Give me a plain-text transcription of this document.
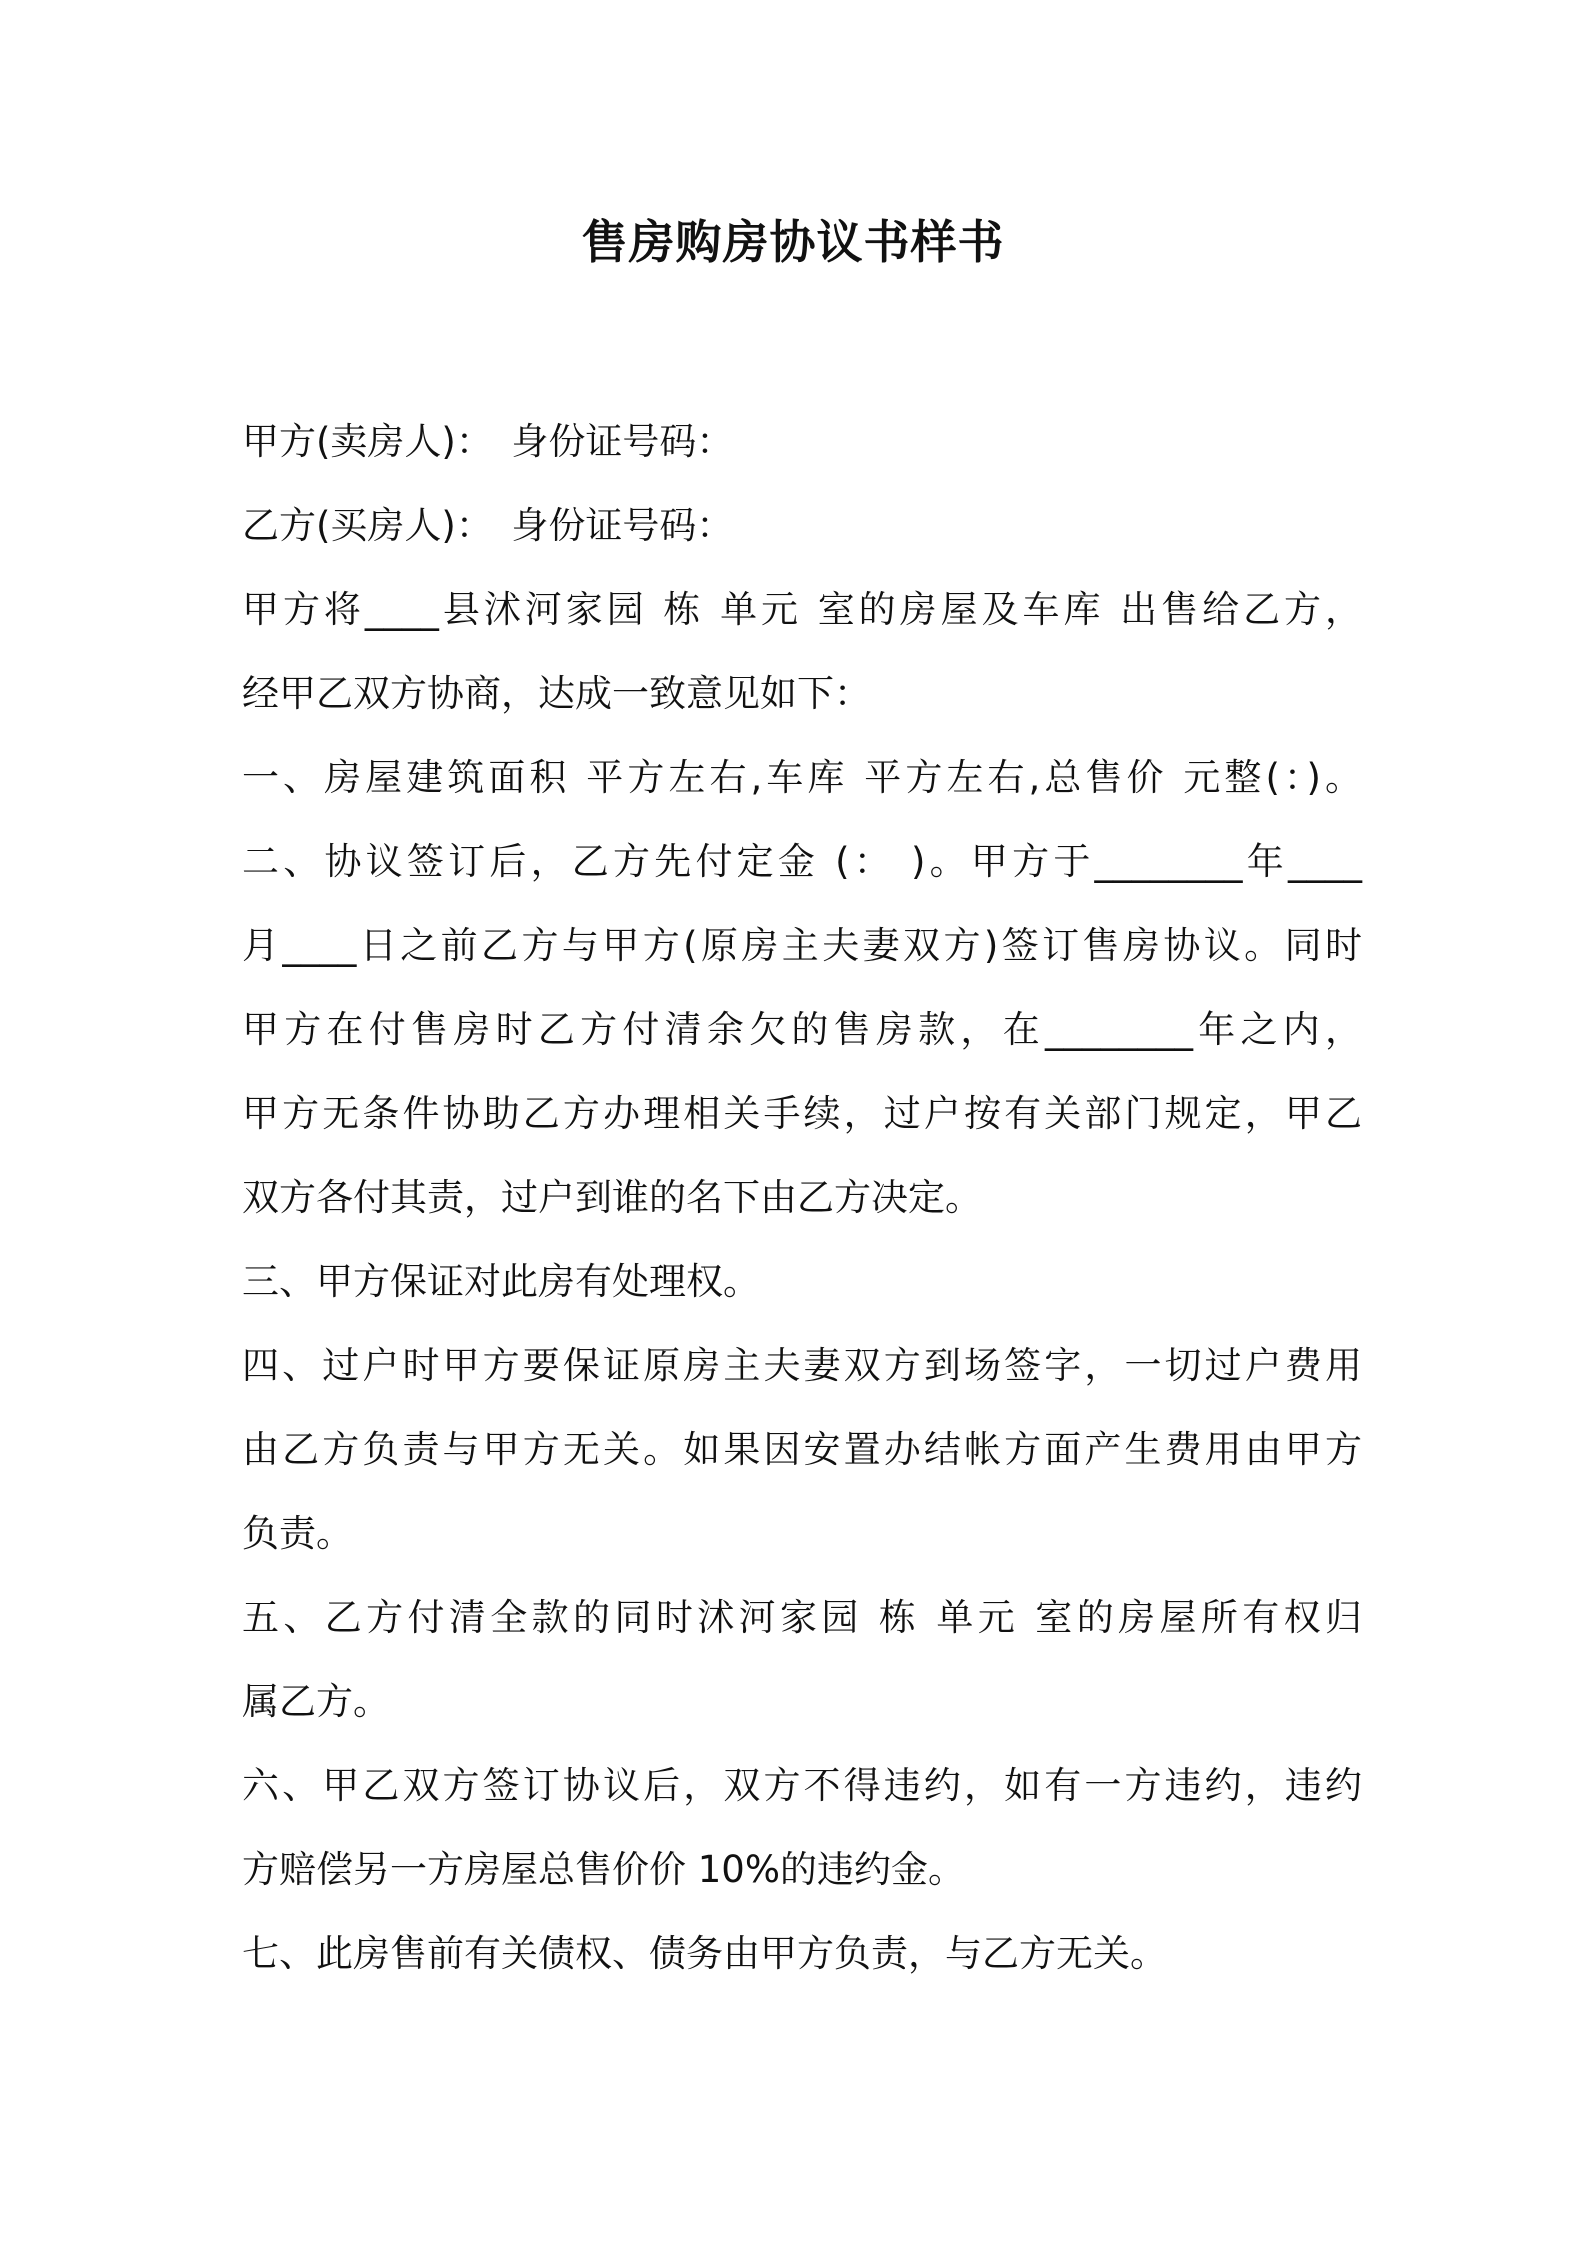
售房购房协议书样书
甲方(卖房人)：　身份证号码：
乙方(买房人)：　身份证号码：
甲方将____县沭河家园 栋 单元 室的房屋及车库 出售给乙方，
经甲乙双方协商，达成一致意见如下：
一、房屋建筑面积 平方左右,车库 平方左右,总售价 元整(：)。
二、协议签订后，乙方先付定金 (： )。甲方于________年____
月____日之前乙方与甲方(原房主夫妻双方)签订售房协议。同时
甲方在付售房时乙方付清余欠的售房款，在________年之内，
甲方无条件协助乙方办理相关手续，过户按有关部门规定，甲乙
双方各付其责，过户到谁的名下由乙方决定。
三、甲方保证对此房有处理权。
四、过户时甲方要保证原房主夫妻双方到场签字，一切过户费用
由乙方负责与甲方无关。如果因安置办结帐方面产生费用由甲方
负责。
五、乙方付清全款的同时沭河家园 栋 单元 室的房屋所有权归
属乙方。
六、甲乙双方签订协议后，双方不得违约，如有一方违约，违约
方赔偿另一方房屋总售价价 10%的违约金。
七、此房售前有关债权、债务由甲方负责，与乙方无关。
